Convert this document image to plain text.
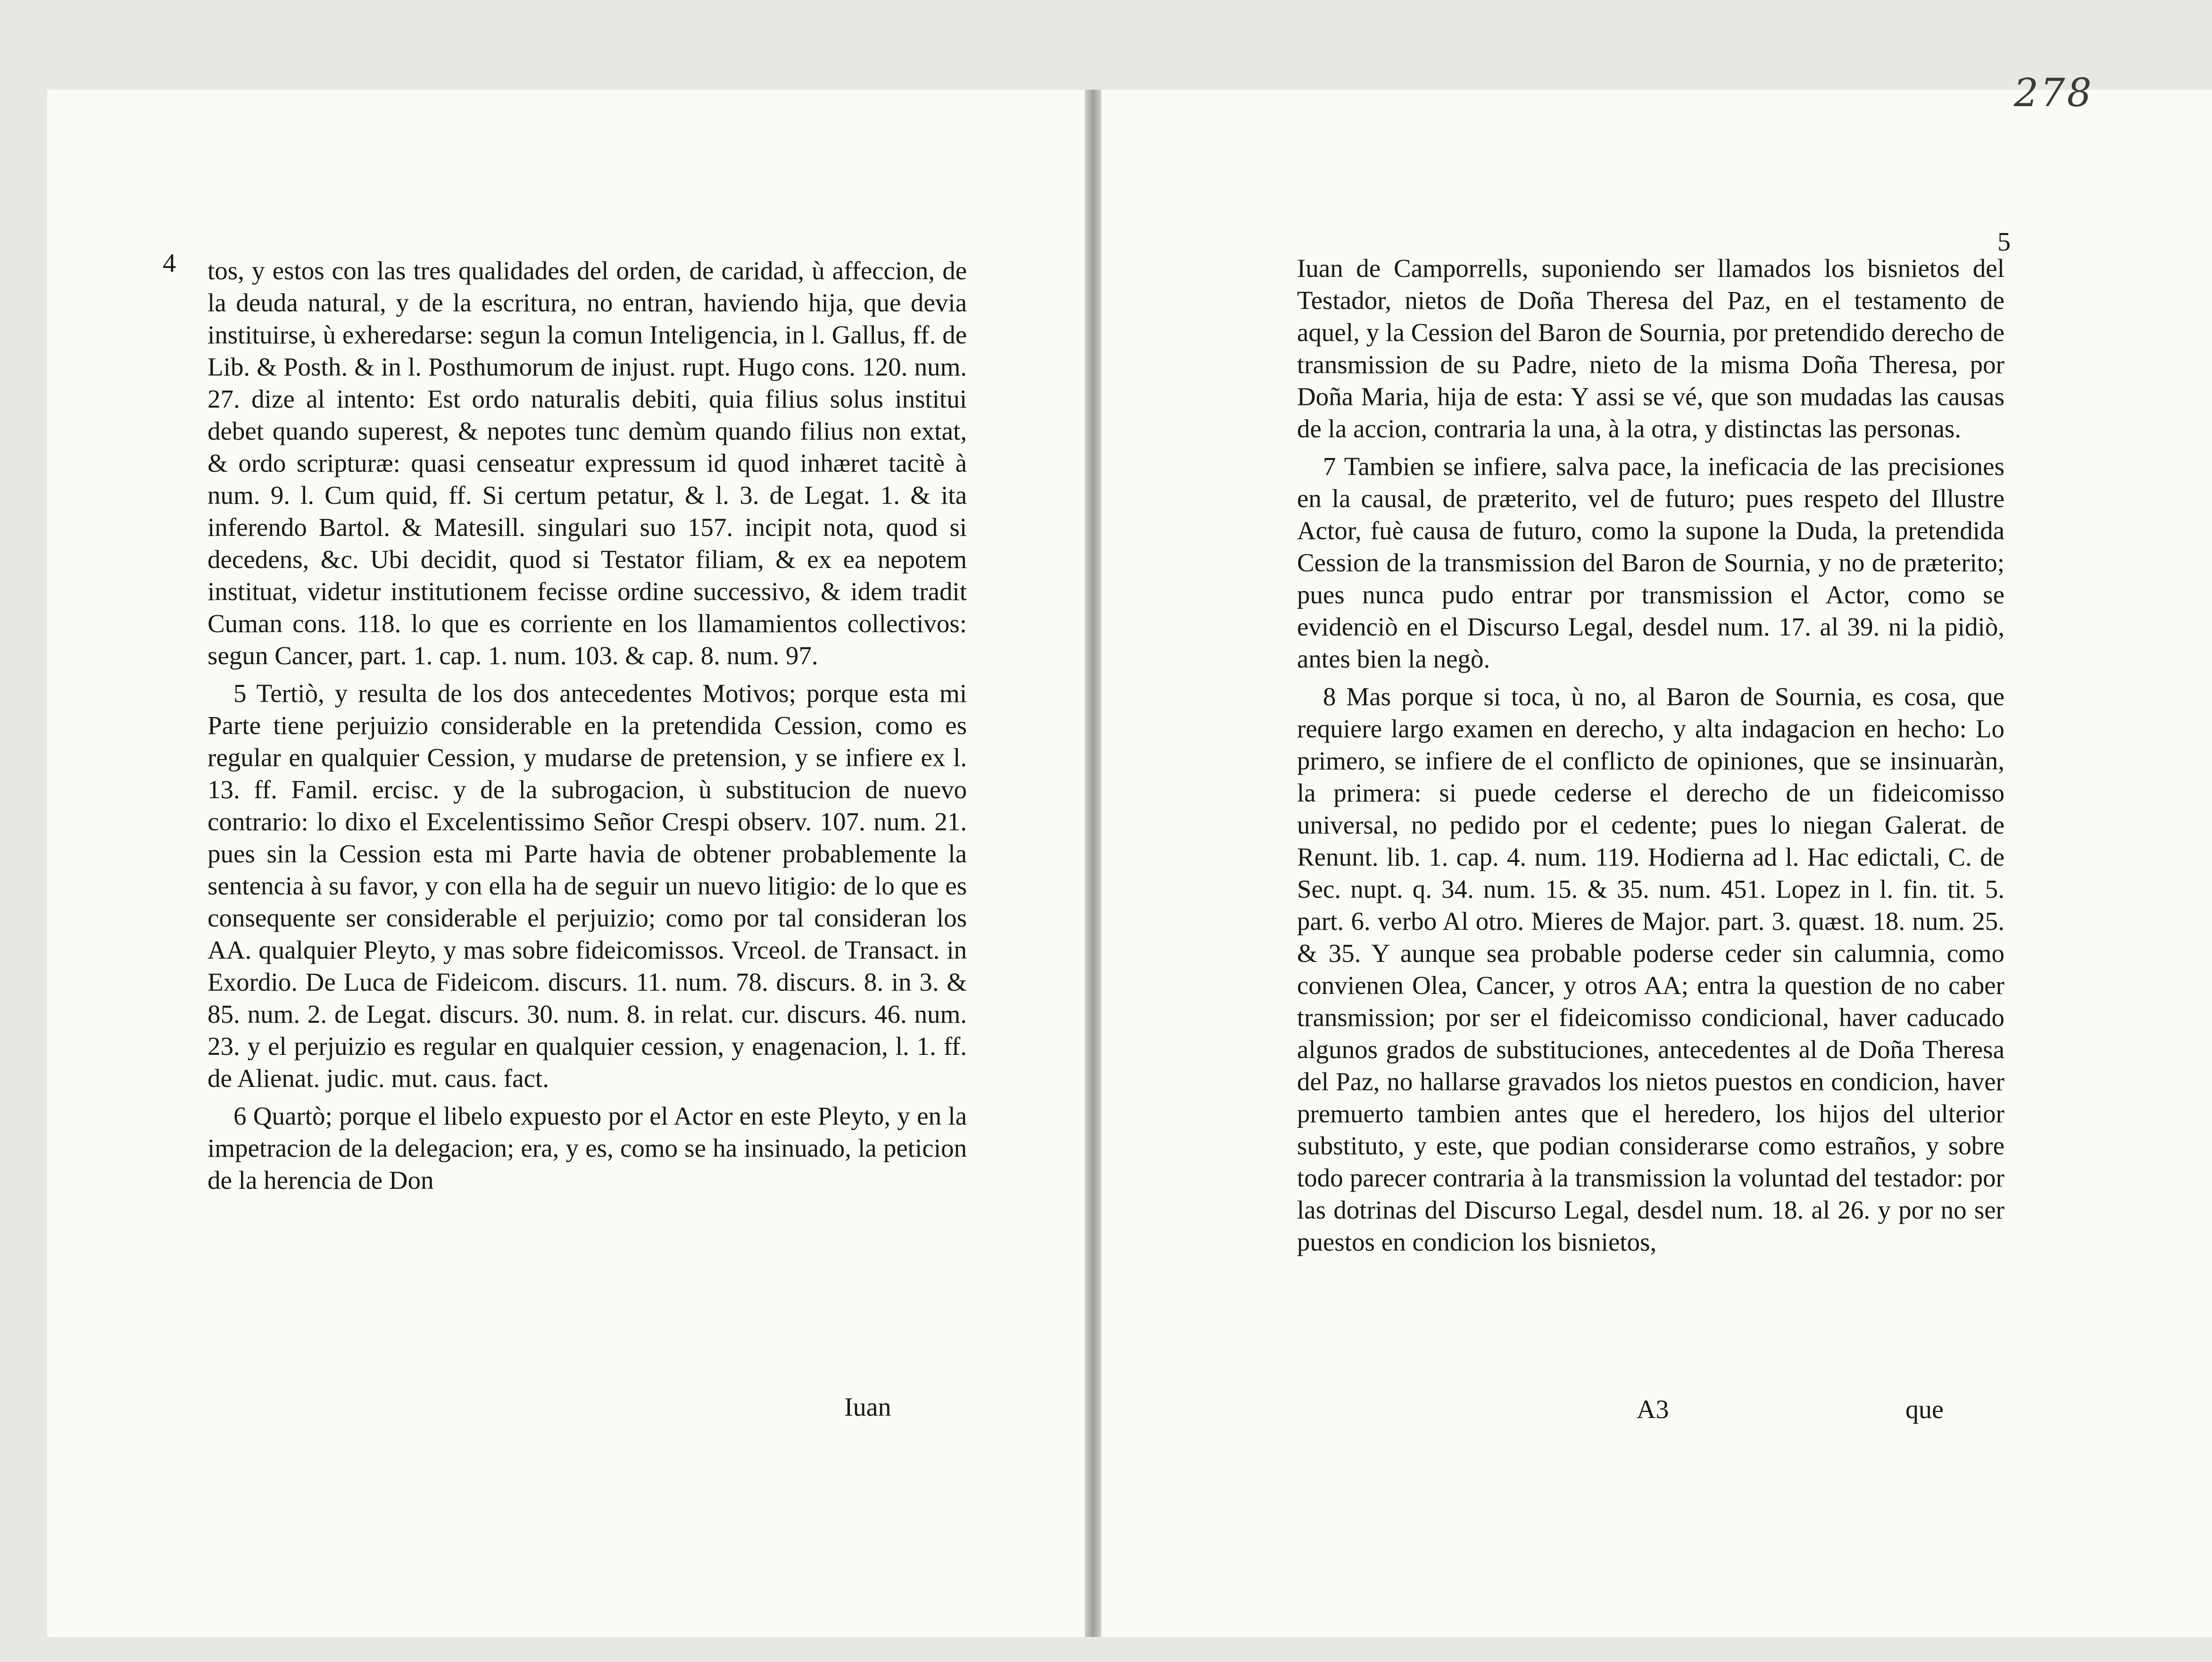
278
4 tos, y estos con las tres qualidades del orden, de caridad, ù affeccion, de la deuda natural, y de la escritura, no entran, haviendo hija, que devia instituirse, ù exheredarse: segun la comun Inteligencia, in l. Gallus, ff. de Lib. & Posth. & in l. Posthumorum de injust. rupt. Hugo cons. 120. num. 27. dize al intento: Est ordo naturalis debiti, quia filius solus institui debet quando superest, & nepotes tunc demùm quando filius non extat, & ordo scripturæ: quasi censeatur expressum id quod inhæret tacitè à num. 9. l. Cum quid, ff. Si certum petatur, & l. 3. de Legat. 1. & ita inferendo Bartol. & Matesill. singulari suo 157. incipit nota, quod si decedens, &c. Ubi decidit, quod si Testator filiam, & ex ea nepotem instituat, videtur institutionem fecisse ordine successivo, & idem tradit Cuman cons. 118. lo que es corriente en los llamamientos collectivos: segun Cancer, part. 1. cap. 1. num. 103. & cap. 8. num. 97.

5 Tertiò, y resulta de los dos antecedentes Motivos; porque esta mi Parte tiene perjuizio considerable en la pretendida Cession, como es regular en qualquier Cession, y mudarse de pretension, y se infiere ex l. 13. ff. Famil. ercisc. y de la subrogacion, ù substitucion de nuevo contrario: lo dixo el Excelentissimo Señor Crespi observ. 107. num. 21. pues sin la Cession esta mi Parte havia de obtener probablemente la sentencia à su favor, y con ella ha de seguir un nuevo litigio: de lo que es consequente ser considerable el perjuizio; como por tal consideran los AA. qualquier Pleyto, y mas sobre fideicomissos. Vrceol. de Transact. in Exordio. De Luca de Fideicom. discurs. 11. num. 78. discurs. 8. in 3. & 85. num. 2. de Legat. discurs. 30. num. 8. in relat. cur. discurs. 46. num. 23. y el perjuizio es regular en qualquier cession, y enagenacion, l. 1. ff. de Alienat. judic. mut. caus. fact.

6 Quartò; porque el libelo expuesto por el Actor en este Pleyto, y en la impetracion de la delegacion; era, y es, como se ha insinuado, la peticion de la herencia de Don

Iuan
5

Iuan de Camporrells, suponiendo ser llamados los bisnietos del Testador, nietos de Doña Theresa del Paz, en el testamento de aquel, y la Cession del Baron de Sournia, por pretendido derecho de transmission de su Padre, nieto de la misma Doña Theresa, por Doña Maria, hija de esta: Y assi se vé, que son mudadas las causas de la accion, contraria la una, à la otra, y distinctas las personas.

7 Tambien se infiere, salva pace, la ineficacia de las precisiones en la causal, de præterito, vel de futuro; pues respeto del Illustre Actor, fuè causa de futuro, como la supone la Duda, la pretendida Cession de la transmission del Baron de Sournia, y no de præterito; pues nunca pudo entrar por transmission el Actor, como se evidenciò en el Discurso Legal, desdel num. 17. al 39. ni la pidiò, antes bien la negò.

8 Mas porque si toca, ù no, al Baron de Sournia, es cosa, que requiere largo examen en derecho, y alta indagacion en hecho: Lo primero, se infiere de el conflicto de opiniones, que se insinuaràn, la primera: si puede cederse el derecho de un fideicomisso universal, no pedido por el cedente; pues lo niegan Galerat. de Renunt. lib. 1. cap. 4. num. 119. Hodierna ad l. Hac edictali, C. de Sec. nupt. q. 34. num. 15. & 35. num. 451. Lopez in l. fin. tit. 5. part. 6. verbo Al otro. Mieres de Major. part. 3. quæst. 18. num. 25. & 35. Y aunque sea probable poderse ceder sin calumnia, como convienen Olea, Cancer, y otros AA; entra la question de no caber transmission; por ser el fideicomisso condicional, haver caducado algunos grados de substituciones, antecedentes al de Doña Theresa del Paz, no hallarse gravados los nietos puestos en condicion, haver premuerto tambien antes que el heredero, los hijos del ulterior substituto, y este, que podian considerarse como estraños, y sobre todo parecer contraria à la transmission la voluntad del testador: por las dotrinas del Discurso Legal, desdel num. 18. al 26. y por no ser puestos en condicion los bisnietos,

A3	que
